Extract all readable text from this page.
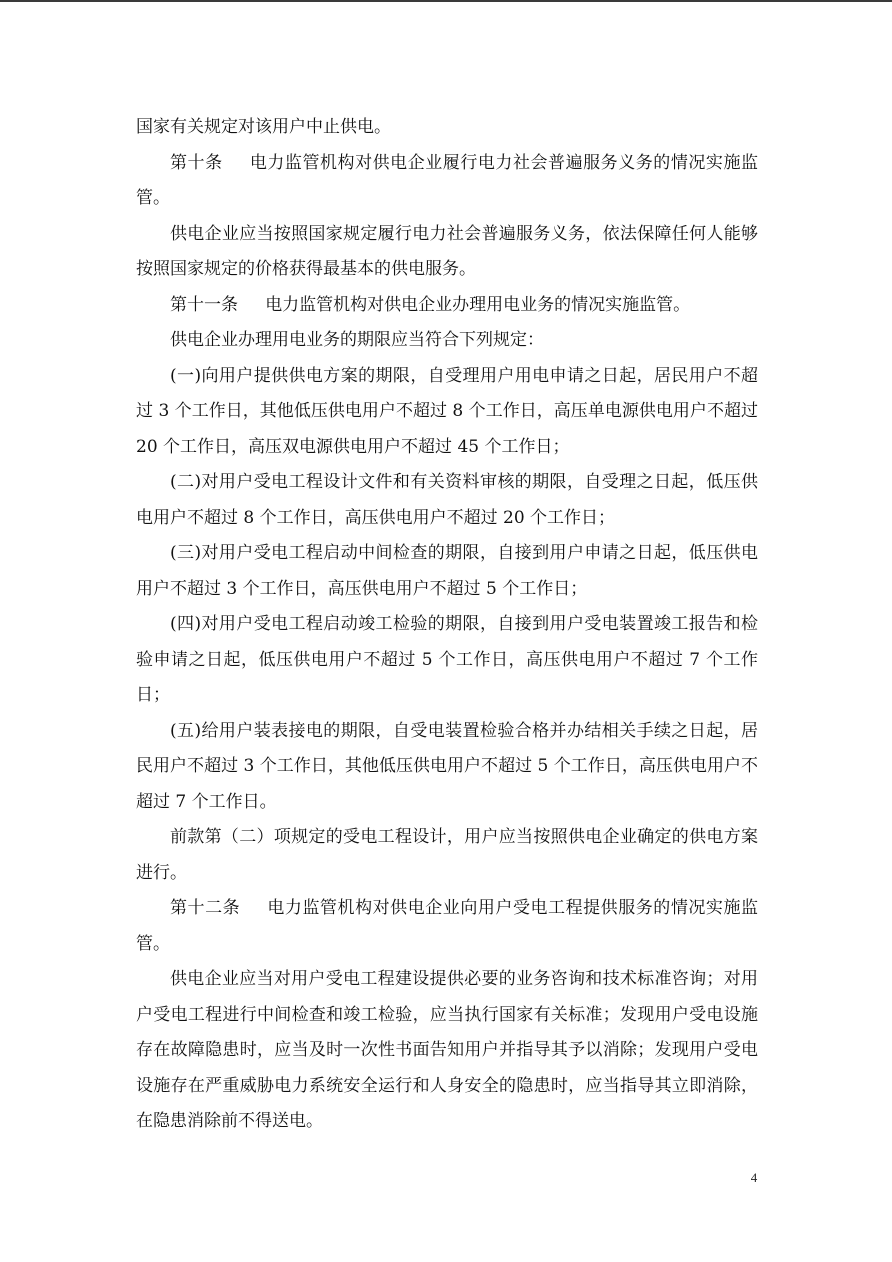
国家有关规定对该用户中止供电。

第十条 电力监管机构对供电企业履行电力社会普遍服务义务的情况实施监管。

供电企业应当按照国家规定履行电力社会普遍服务义务，依法保障任何人能够按照国家规定的价格获得最基本的供电服务。

第十一条 电力监管机构对供电企业办理用电业务的情况实施监管。

供电企业办理用电业务的期限应当符合下列规定：

(一)向用户提供供电方案的期限，自受理用户用电申请之日起，居民用户不超过 3 个工作日，其他低压供电用户不超过 8 个工作日，高压单电源供电用户不超过 20 个工作日，高压双电源供电用户不超过 45 个工作日；

(二)对用户受电工程设计文件和有关资料审核的期限，自受理之日起，低压供电用户不超过 8 个工作日，高压供电用户不超过 20 个工作日；

(三)对用户受电工程启动中间检查的期限，自接到用户申请之日起，低压供电用户不超过 3 个工作日，高压供电用户不超过 5 个工作日；

(四)对用户受电工程启动竣工检验的期限，自接到用户受电装置竣工报告和检验申请之日起，低压供电用户不超过 5 个工作日，高压供电用户不超过 7 个工作日；

(五)给用户装表接电的期限，自受电装置检验合格并办结相关手续之日起，居民用户不超过 3 个工作日，其他低压供电用户不超过 5 个工作日，高压供电用户不超过 7 个工作日。

前款第（二）项规定的受电工程设计，用户应当按照供电企业确定的供电方案进行。

第十二条 电力监管机构对供电企业向用户受电工程提供服务的情况实施监管。

供电企业应当对用户受电工程建设提供必要的业务咨询和技术标准咨询；对用户受电工程进行中间检查和竣工检验，应当执行国家有关标准；发现用户受电设施存在故障隐患时，应当及时一次性书面告知用户并指导其予以消除；发现用户受电设施存在严重威胁电力系统安全运行和人身安全的隐患时，应当指导其立即消除，在隐患消除前不得送电。

4
